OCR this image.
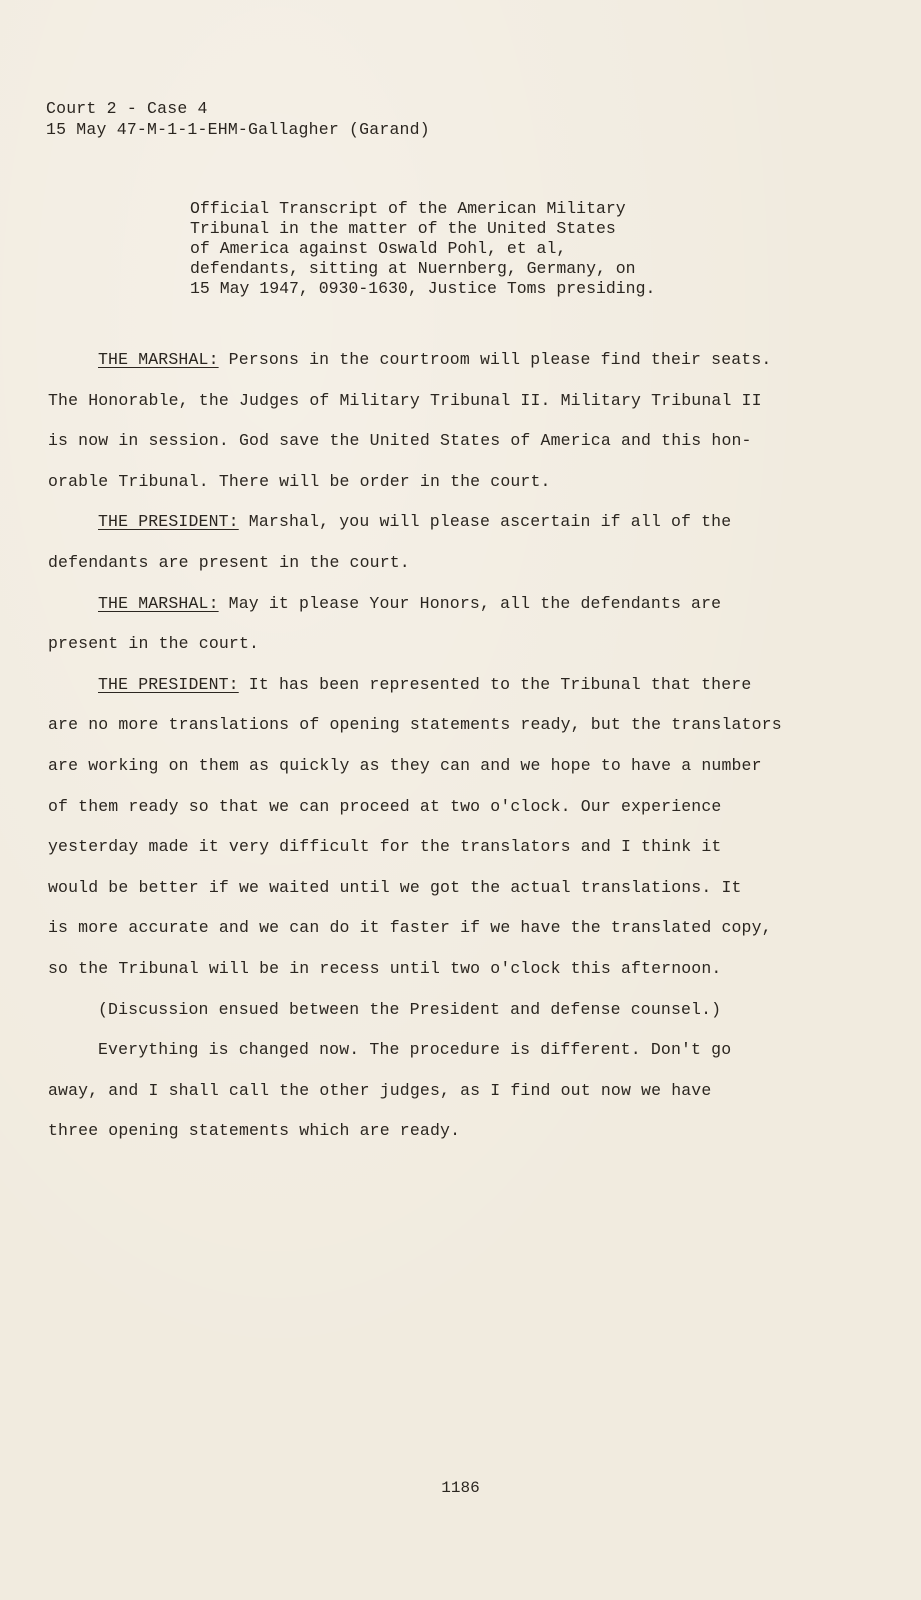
Court 2 - Case 4
15 May 47-M-1-1-EHM-Gallagher (Garand)
Official Transcript of the American Military
Tribunal in the matter of the United States
of America against Oswald Pohl, et al,
defendants, sitting at Nuernberg, Germany, on
15 May 1947, 0930-1630, Justice Toms presiding.
THE MARSHAL: Persons in the courtroom will please find their seats.
The Honorable, the Judges of Military Tribunal II. Military Tribunal II
is now in session. God save the United States of America and this hon-
orable Tribunal. There will be order in the court.
THE PRESIDENT: Marshal, you will please ascertain if all of the
defendants are present in the court.
THE MARSHAL: May it please Your Honors, all the defendants are
present in the court.
THE PRESIDENT: It has been represented to the Tribunal that there
are no more translations of opening statements ready, but the translators
are working on them as quickly as they can and we hope to have a number
of them ready so that we can proceed at two o'clock. Our experience
yesterday made it very difficult for the translators and I think it
would be better if we waited until we got the actual translations. It
is more accurate and we can do it faster if we have the translated copy,
so the Tribunal will be in recess until two o'clock this afternoon.
(Discussion ensued between the President and defense counsel.)
Everything is changed now. The procedure is different. Don't go
away, and I shall call the other judges, as I find out now we have
three opening statements which are ready.
1186
